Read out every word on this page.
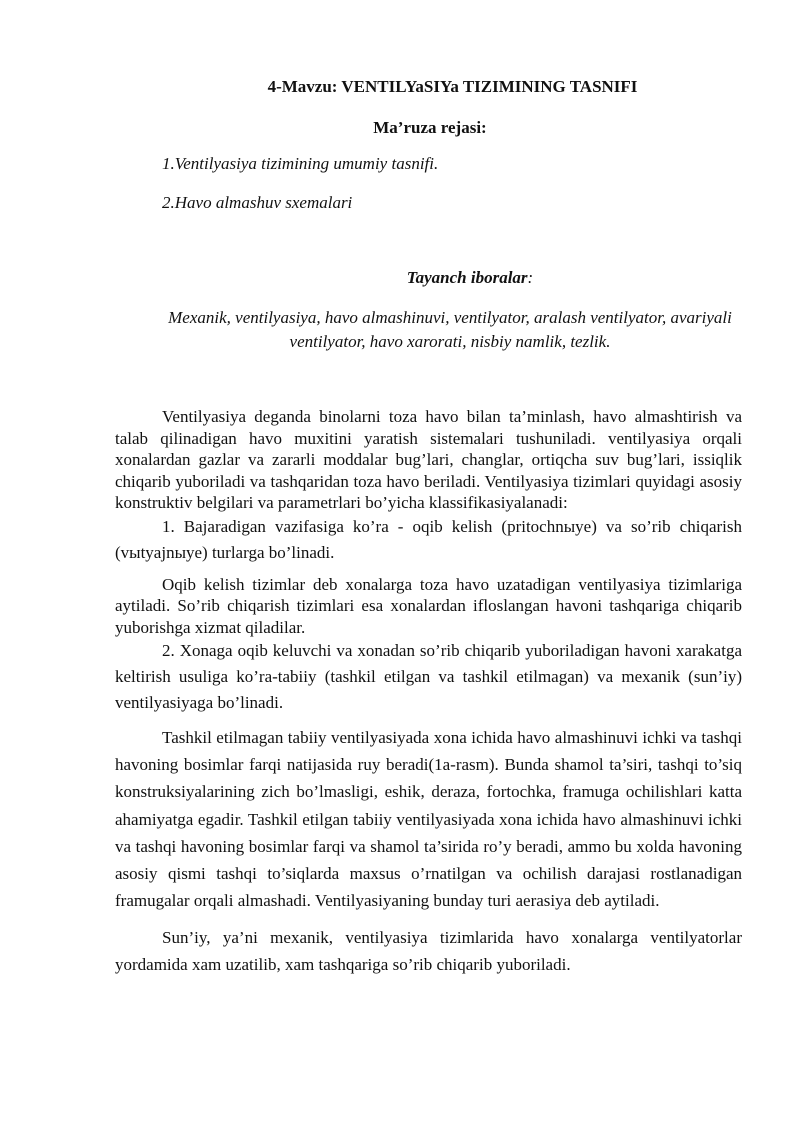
4-Mavzu: VENTILYaSIYa TIZIMINING TASNIFI
Ma’ruza rejasi:
1.Ventilyasiya tizimining umumiy tasnifi.
2.Havo almashuv sxemalari
Tayanch iboralar:
Mexanik, ventilyasiya, havo almashinuvi, ventilyator, aralash ventilyator, avariyali ventilyator, havo xarorati, nisbiy namlik, tezlik.

Ventilyasiya deganda binolarni toza havo bilan ta’minlash, havo almashtirish va talab qilinadigan havo muxitini yaratish sistemalari tushuniladi. ventilyasiya orqali xonalardan gazlar va zararli moddalar bug’lari, changlar, ortiqcha suv bug’lari, issiqlik chiqarib yuboriladi va tashqaridan toza havo beriladi. Ventilyasiya tizimlari quyidagi asosiy konstruktiv belgilari va parametrlari bo’yicha klassifikasiyalanadi:

1. Bajaradigan vazifasiga ko’ra - oqib kelish (pritochnыye) va so’rib chiqarish (vыtyajnыye) turlarga bo’linadi.

Oqib kelish tizimlar deb xonalarga toza havo uzatadigan ventilyasiya tizimlariga aytiladi. So’rib chiqarish tizimlari esa xonalardan ifloslangan havoni tashqariga chiqarib yuborishga xizmat qiladilar.

2. Xonaga oqib keluvchi va xonadan so’rib chiqarib yuboriladigan havoni xarakatga keltirish usuliga ko’ra-tabiiy (tashkil etilgan va tashkil etilmagan) va mexanik (sun’iy) ventilyasiyaga bo’linadi.

Tashkil etilmagan tabiiy ventilyasiyada xona ichida havo almashinuvi ichki va tashqi havoning bosimlar farqi natijasida ruy beradi(1a-rasm). Bunda shamol ta’siri, tashqi to’siq konstruksiyalarining zich bo’lmasligi, eshik, deraza, fortochka, framuga ochilishlari katta ahamiyatga egadir. Tashkil etilgan tabiiy ventilyasiyada xona ichida havo almashinuvi ichki va tashqi havoning bosimlar farqi va shamol ta’sirida ro’y beradi, ammo bu xolda havoning asosiy qismi tashqi to’siqlarda maxsus o’rnatilgan va ochilish darajasi rostlanadigan framugalar orqali almashadi. Ventilyasiyaning bunday turi aerasiya deb aytiladi.

Sun’iy, ya’ni mexanik, ventilyasiya tizimlarida havo xonalarga ventilyatorlar yordamida xam uzatilib, xam tashqariga so’rib chiqarib yuboriladi.
